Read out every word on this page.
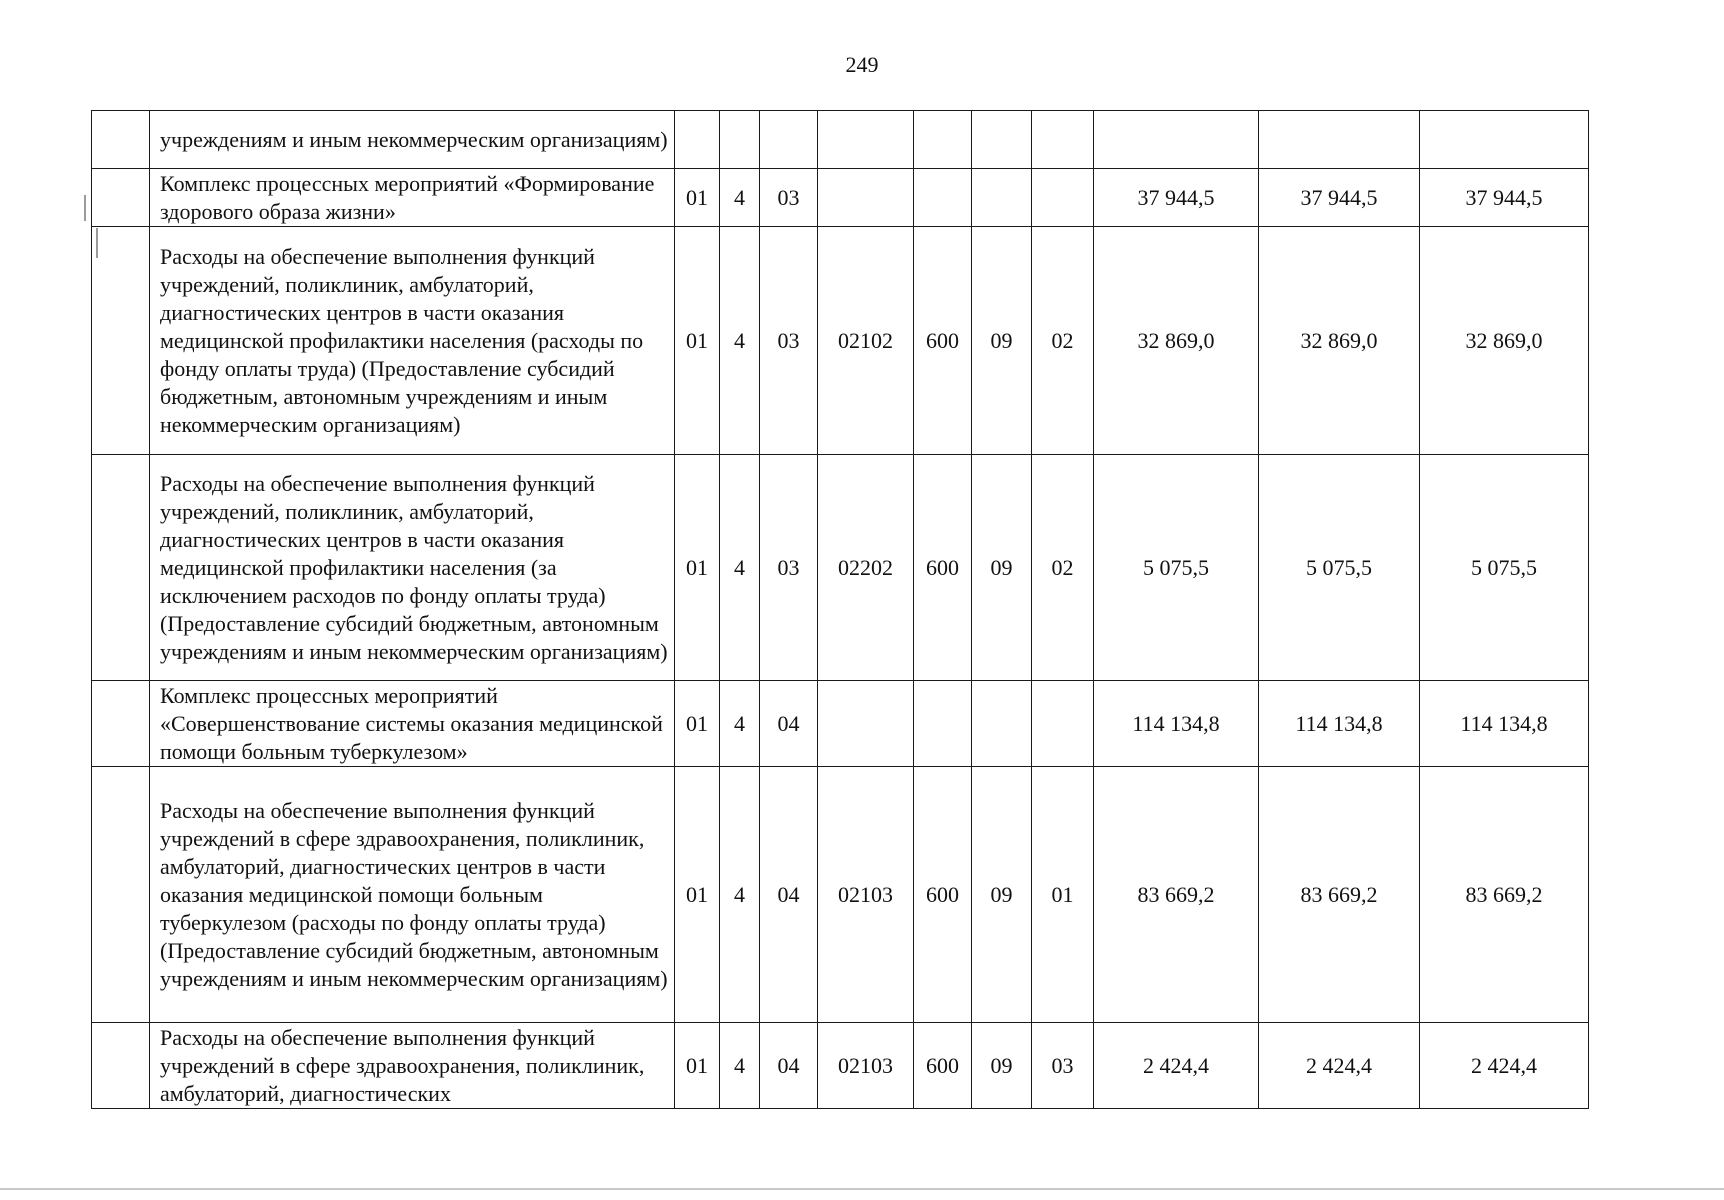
249
	учреждениям и иным некоммерческим организациям)										
	Комплекс процессных мероприятий «Формирование здорового образа жизни»	01	4	03					37 944,5	37 944,5	37 944,5
	Расходы на обеспечение выполнения функций учреждений, поликлиник, амбулаторий, диагностических центров в части оказания медицинской профилактики населения (расходы по фонду оплаты труда) (Предоставление субсидий бюджетным, автономным учреждениям и иным некоммерческим организациям)	01	4	03	02102	600	09	02	32 869,0	32 869,0	32 869,0
	Расходы на обеспечение выполнения функций учреждений, поликлиник, амбулаторий, диагностических центров в части оказания медицинской профилактики населения (за исключением расходов по фонду оплаты труда) (Предоставление субсидий бюджетным, автономным учреждениям и иным некоммерческим организациям)	01	4	03	02202	600	09	02	5 075,5	5 075,5	5 075,5
	Комплекс процессных мероприятий «Совершенствование системы оказания медицинской помощи больным туберкулезом»	01	4	04					114 134,8	114 134,8	114 134,8
	Расходы на обеспечение выполнения функций учреждений в сфере здравоохранения, поликлиник, амбулаторий, диагностических центров в части оказания медицинской помощи больным туберкулезом (расходы по фонду оплаты труда) (Предоставление субсидий бюджетным, автономным учреждениям и иным некоммерческим организациям)	01	4	04	02103	600	09	01	83 669,2	83 669,2	83 669,2
	Расходы на обеспечение выполнения функций учреждений в сфере здравоохранения, поликлиник, амбулаторий, диагностических	01	4	04	02103	600	09	03	2 424,4	2 424,4	2 424,4
